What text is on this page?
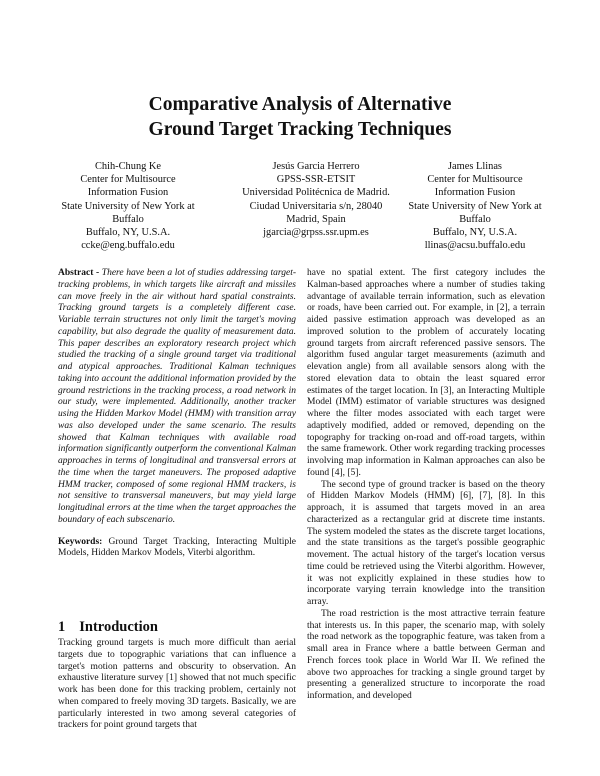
Comparative Analysis of Alternative
Ground Target Tracking Techniques
Chih-Chung Ke
Center for Multisource
Information Fusion
State University of New York at
Buffalo
Buffalo, NY, U.S.A.
ccke@eng.buffalo.edu
Jesús Garcia Herrero
GPSS-SSR-ETSIT
Universidad Politécnica de Madrid.
Ciudad Universitaria s/n, 28040
Madrid, Spain
jgarcia@grpss.ssr.upm.es
James Llinas
Center for Multisource
Information Fusion
State University of New York at
Buffalo
Buffalo, NY, U.S.A.
llinas@acsu.buffalo.edu

Abstract - There have been a lot of studies addressing target-tracking problems, in which targets like aircraft and missiles can move freely in the air without hard spatial constraints. Tracking ground targets is a completely different case. Variable terrain structures not only limit the target's moving capability, but also degrade the quality of measurement data. This paper describes an exploratory research project which studied the tracking of a single ground target via traditional and atypical approaches. Traditional Kalman techniques taking into account the additional information provided by the ground restrictions in the tracking process, a road network in our study, were implemented. Additionally, another tracker using the Hidden Markov Model (HMM) with transition array was also developed under the same scenario. The results showed that Kalman techniques with available road information significantly outperform the conventional Kalman approaches in terms of longitudinal and transversal errors at the time when the target maneuvers. The proposed adaptive HMM tracker, composed of some regional HMM trackers, is not sensitive to transversal maneuvers, but may yield large longitudinal errors at the time when the target approaches the boundary of each subscenario.

Keywords: Ground Target Tracking, Interacting Multiple Models, Hidden Markov Models, Viterbi algorithm.

1 Introduction
Tracking ground targets is much more difficult than aerial targets due to topographic variations that can influence a target's motion patterns and obscurity to observation. An exhaustive literature survey [1] showed that not much specific work has been done for this tracking problem, certainly not when compared to freely moving 3D targets. Basically, we are particularly interested in two among several categories of trackers for point ground targets that

have no spatial extent. The first category includes the Kalman-based approaches where a number of studies taking advantage of available terrain information, such as elevation or roads, have been carried out. For example, in [2], a terrain aided passive estimation approach was developed as an improved solution to the problem of accurately locating ground targets from aircraft referenced passive sensors. The algorithm fused angular target measurements (azimuth and elevation angle) from all available sensors along with the stored elevation data to obtain the least squared error estimates of the target location. In [3], an Interacting Multiple Model (IMM) estimator of variable structures was designed where the filter modes associated with each target were adaptively modified, added or removed, depending on the topography for tracking on-road and off-road targets, within the same framework. Other work regarding tracking processes involving map information in Kalman approaches can also be found [4], [5].

The second type of ground tracker is based on the theory of Hidden Markov Models (HMM) [6], [7], [8]. In this approach, it is assumed that targets moved in an area characterized as a rectangular grid at discrete time instants. The system modeled the states as the discrete target locations, and the state transitions as the target's possible geographic movement. The actual history of the target's location versus time could be retrieved using the Viterbi algorithm. However, it was not explicitly explained in these studies how to incorporate varying terrain knowledge into the transition array.

The road restriction is the most attractive terrain feature that interests us. In this paper, the scenario map, with solely the road network as the topographic feature, was taken from a small area in France where a battle between German and French forces took place in World War II. We refined the above two approaches for tracking a single ground target by presenting a generalized structure to incorporate the road information, and developed
